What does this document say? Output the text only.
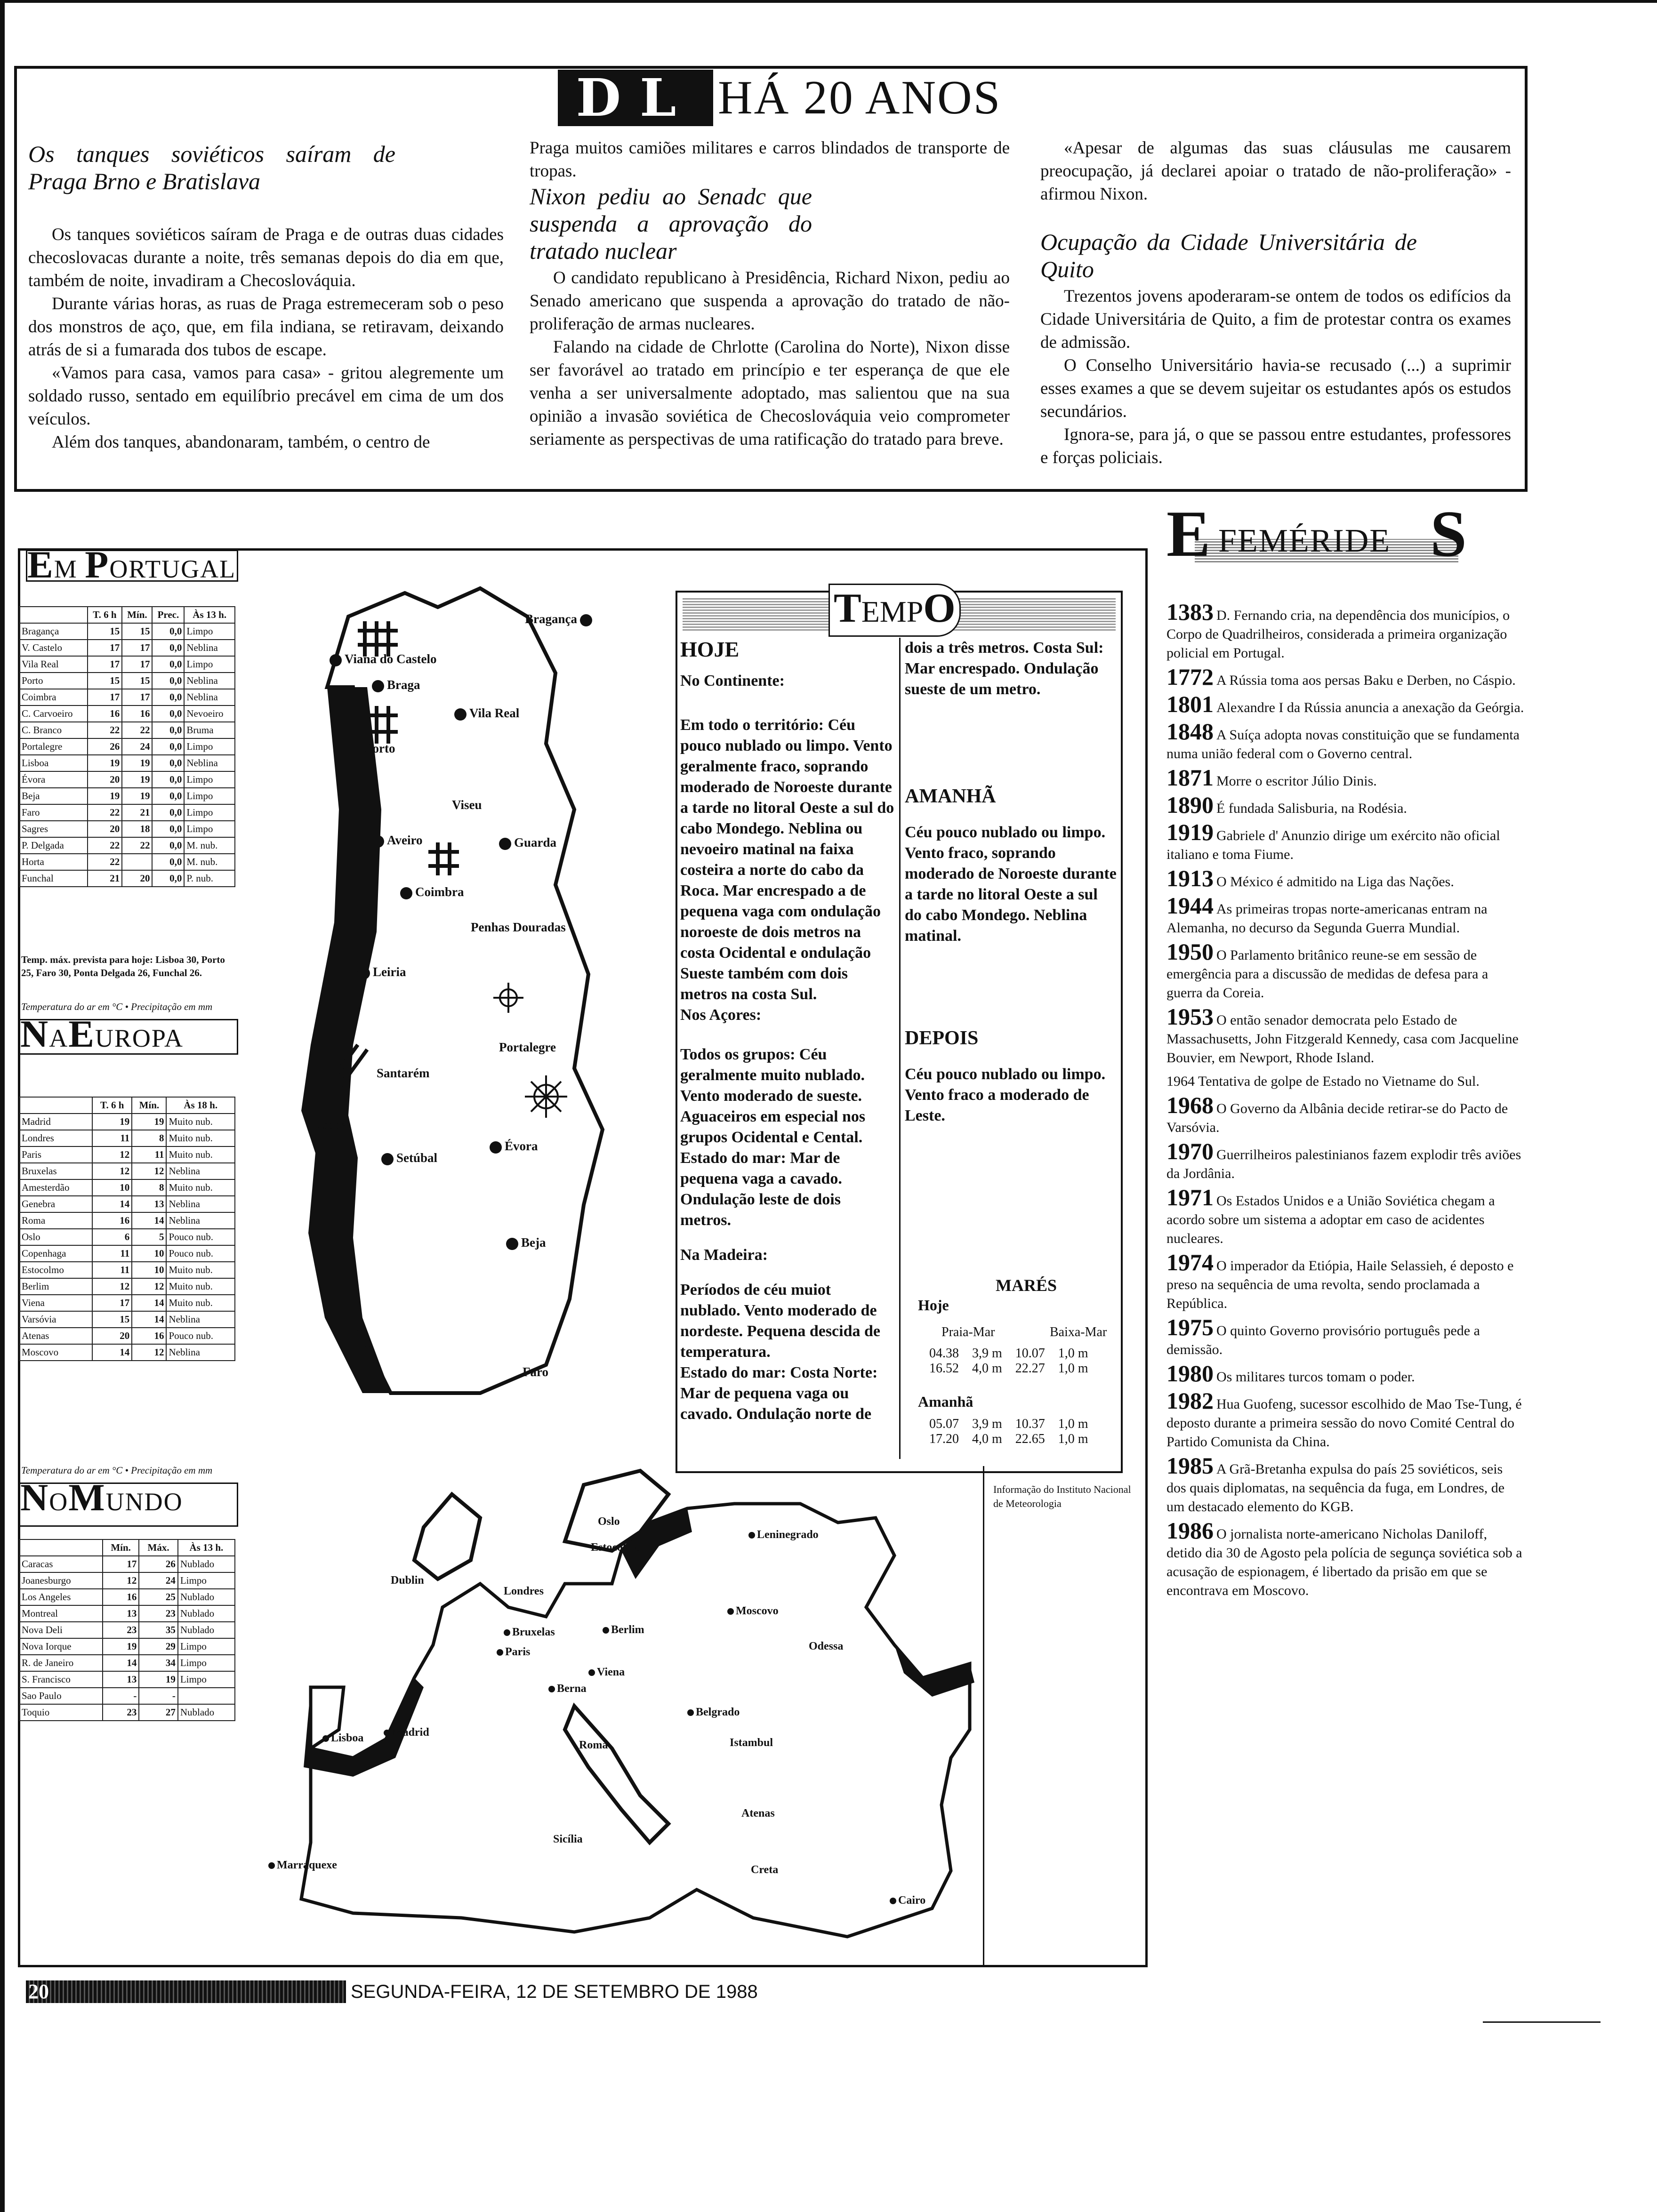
DL HÁ 20 ANOS

Os tanques soviéticos saíram de Praga Brno e Bratislava

Os tanques soviéticos saíram de Praga e de outras duas cidades checoslovacas durante a noite, três semanas depois do dia em que, também de noite, invadiram a Checoslováquia.

Durante várias horas, as ruas de Praga estremeceram sob o peso dos monstros de aço, que, em fila indiana, se retiravam, deixando atrás de si a fumarada dos tubos de escape.

«Vamos para casa, vamos para casa» - gritou alegremente um soldado russo, sentado em equilíbrio precável em cima de um dos veículos.

Além dos tanques, abandonaram, também, o centro de

Praga muitos camiões militares e carros blindados de transporte de tropas.

Nixon pediu ao Senadc que suspenda a aprovação do tratado nuclear

O candidato republicano à Presidência, Richard Nixon, pediu ao Senado americano que suspenda a aprovação do tratado de não-proliferação de armas nucleares.

Falando na cidade de Chrlotte (Carolina do Norte), Nixon disse ser favorável ao tratado em princípio e ter esperança de que ele venha a ser universalmente adoptado, mas salientou que na sua opinião a invasão soviética de Checoslováquia veio comprometer seriamente as perspectivas de uma ratificação do tratado para breve.

«Apesar de algumas das suas cláusulas me causarem preocupação, já declarei apoiar o tratado de não-proliferação» - afirmou Nixon.

Ocupação da Cidade Universitária de Quito

Trezentos jovens apoderaram-se ontem de todos os edifícios da Cidade Universitária de Quito, a fim de protestar contra os exames de admissão.

O Conselho Universitário havia-se recusado (...) a suprimir esses exames a que se devem sujeitar os estudantes após os estudos secundários.

Ignora-se, para já, o que se passou entre estudantes, professores e forças policiais.

EM PORTUGAL
	T. 6 h	Mín.	Prec.	Às 13 h.
Bragança	15	15	0,0	Limpo
V. Castelo	17	17	0,0	Neblina
Vila Real	17	17	0,0	Limpo
Porto	15	15	0,0	Neblina
Coimbra	17	17	0,0	Neblina
C. Carvoeiro	16	16	0,0	Nevoeiro
C. Branco	22	22	0,0	Bruma
Portalegre	26	24	0,0	Limpo
Lisboa	19	19	0,0	Neblina
Évora	20	19	0,0	Limpo
Beja	19	19	0,0	Limpo
Faro	22	21	0,0	Limpo
Sagres	20	18	0,0	Limpo
P. Delgada	22	22	0,0	M. nub.
Horta	22		0,0	M. nub.
Funchal	21	20	0,0	P. nub.
Temp. máx. prevista para hoje: Lisboa 30, Porto 25, Faro 30, Ponta Delgada 26, Funchal 26.
Temperatura do ar em °C • Precipitação em mm
NAEUROPA
	T. 6 h	Mín.	Às 18 h.
Madrid	19	19	Muito nub.
Londres	11	8	Muito nub.
Paris	12	11	Muito nub.
Bruxelas	12	12	Neblina
Amesterdão	10	8	Muito nub.
Genebra	14	13	Neblina
Roma	16	14	Neblina
Oslo	6	5	Pouco nub.
Copenhaga	11	10	Pouco nub.
Estocolmo	11	10	Muito nub.
Berlim	12	12	Muito nub.
Viena	17	14	Muito nub.
Varsóvia	15	14	Neblina
Atenas	20	16	Pouco nub.
Moscovo	14	12	Neblina
Temperatura do ar em °C • Precipitação em mm
NOMUNDO
	Mín.	Máx.	Às 13 h.
Caracas	17	26	Nublado
Joanesburgo	12	24	Limpo
Los Angeles	16	25	Nublado
Montreal	13	23	Nublado
Nova Deli	23	35	Nublado
Nova Iorque	19	29	Limpo
R. de Janeiro	14	34	Limpo
S. Francisco	13	19	Limpo
Sao Paulo	-	-	
Toquio	23	27	Nublado
Viana do Castelo
Bragança
Braga
Vila Real
Porto
Viseu
Aveiro	Guarda
Coimbra
Penhas Douradas
Leiria
Portalegre
Santarém
Lisboa
Setúbal
Évora
Beja
Faro
TEMPO
HOJE

No Continente:

Em todo o território: Céu pouco nublado ou limpo. Vento geralmente fraco, soprando moderado de Noroeste durante a tarde no litoral Oeste a sul do cabo Mondego. Neblina ou nevoeiro matinal na faixa costeira a norte do cabo da Roca. Mar encrespado a de pequena vaga com ondulação noroeste de dois metros na costa Ocidental e ondulação Sueste também com dois metros na costa Sul.

Nos Açores:

Todos os grupos: Céu geralmente muito nublado. Vento moderado de sueste. Aguaceiros em especial nos grupos Ocidental e Cental.

Estado do mar: Mar de pequena vaga a cavado. Ondulação leste de dois metros.

Na Madeira:

Períodos de céu muiot nublado. Vento moderado de nordeste. Pequena descida de temperatura.

Estado do mar: Costa Norte: Mar de pequena vaga ou cavado. Ondulação norte de

dois a três metros. Costa Sul: Mar encrespado. Ondulação sueste de um metro.

AMANHÃ

Céu pouco nublado ou limpo. Vento fraco, soprando moderado de Noroeste durante a tarde no litoral Oeste a sul do cabo Mondego. Neblina matinal.

DEPOIS

Céu pouco nublado ou limpo. Vento fraco a moderado de Leste.

MARÉS
Hoje
Praia-Mar	Baixa-Mar
04.38	3,9 m	10.07	1,0 m
16.52	4,0 m	22.27	1,0 m
Amanhã
05.07	3,9 m	10.37	1,0 m
17.20	4,0 m	22.65	1,0 m
Oslo
Estocolmo
Leninegrado
Dublin
Londres
Moscovo
Bruxelas	Berlim
Paris
Viena
Odessa
Berna
Belgrado
Lisboa	Madrid
Roma	Istambul
Atenas
Sicília
Creta
Marraquexe
Cairo
Informação do Instituto Nacional de Meteorologia
E FEMÉRIDE S

1383 D. Fernando cria, na dependência dos municípios, o Corpo de Quadrilheiros, considerada a primeira organização policial em Portugal.

1772 A Rússia toma aos persas Baku e Derben, no Cáspio.

1801 Alexandre I da Rússia anuncia a anexação da Geórgia.

1848 A Suíça adopta novas constituição que se fundamenta numa união federal com o Governo central.

1871 Morre o escritor Júlio Dinis.

1890 É fundada Salisburia, na Rodésia.

1919 Gabriele d' Anunzio dirige um exército não oficial italiano e toma Fiume.

1913 O México é admitido na Liga das Nações.

1944 As primeiras tropas norte-americanas entram na Alemanha, no decurso da Segunda Guerra Mundial.

1950 O Parlamento britânico reune-se em sessão de emergência para a discussão de medidas de defesa para a guerra da Coreia.

1953 O então senador democrata pelo Estado de Massachusetts, John Fitzgerald Kennedy, casa com Jacqueline Bouvier, em Newport, Rhode Island.

1964 Tentativa de golpe de Estado no Vietname do Sul.

1968 O Governo da Albânia decide retirar-se do Pacto de Varsóvia.

1970 Guerrilheiros palestinianos fazem explodir três aviões da Jordânia.

1971 Os Estados Unidos e a União Soviética chegam a acordo sobre um sistema a adoptar em caso de acidentes nucleares.

1974 O imperador da Etiópia, Haile Selassieh, é deposto e preso na sequência de uma revolta, sendo proclamada a República.

1975 O quinto Governo provisório português pede a demissão.

1980 Os militares turcos tomam o poder.

1982 Hua Guofeng, sucessor escolhido de Mao Tse-Tung, é deposto durante a primeira sessão do novo Comité Central do Partido Comunista da China.

1985 A Grã-Bretanha expulsa do país 25 soviéticos, seis dos quais diplomatas, na sequência da fuga, em Londres, de um destacado elemento do KGB.

1986 O jornalista norte-americano Nicholas Daniloff, detido dia 30 de Agosto pela polícia de segunça soviética sob a acusação de espionagem, é libertado da prisão em que se encontrava em Moscovo.

20	SEGUNDA-FEIRA, 12 DE SETEMBRO DE 1988
